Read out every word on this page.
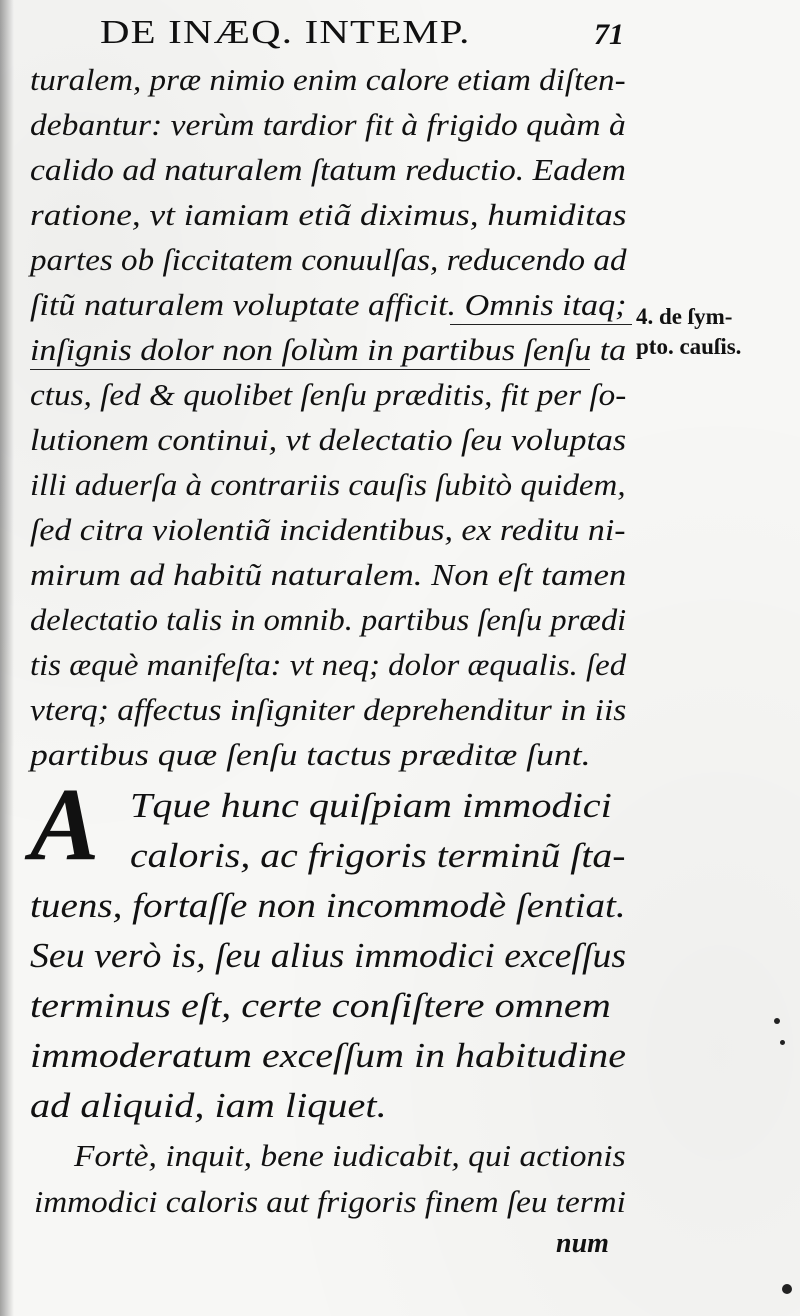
DE INÆQ. INTEMP.	71
turalem, præ nimio enim calore etiam diſten-
debantur: verùm tardior fit à frigido quàm à
calido ad naturalem ſtatum reductio. Eadem
ratione, vt iamiam etiã diximus, humiditas
partes ob ſiccitatem conuulſas, reducendo ad
ſitũ naturalem voluptate afficit. Omnis itaq;
inſignis dolor non ſolùm in partibus ſenſu ta
ctus, ſed & quolibet ſenſu præditis, fit per ſo-
lutionem continui, vt delectatio ſeu voluptas
illi aduerſa à contrariis cauſis ſubitò quidem,
ſed citra violentiã incidentibus, ex reditu ni-
mirum ad habitũ naturalem. Non eſt tamen
delectatio talis in omnib. partibus ſenſu prædi
tis æquè manifeſta: vt neq; dolor æqualis. ſed
vterq; affectus inſigniter deprehenditur in iis
partibus quæ ſenſu tactus præditæ ſunt.
4. de ſym-
pto. cauſis.
A Tque hunc quiſpiam immodici
caloris, ac frigoris terminũ ſta-
tuens, fortaſſe non incommodè ſentiat.
Seu verò is, ſeu alius immodici exceſſus
terminus eſt, certe conſiſtere omnem
immoderatum exceſſum in habitudine
ad aliquid, iam liquet.
Fortè, inquit, bene iudicabit, qui actionis
immodici caloris aut frigoris finem ſeu termi
num
